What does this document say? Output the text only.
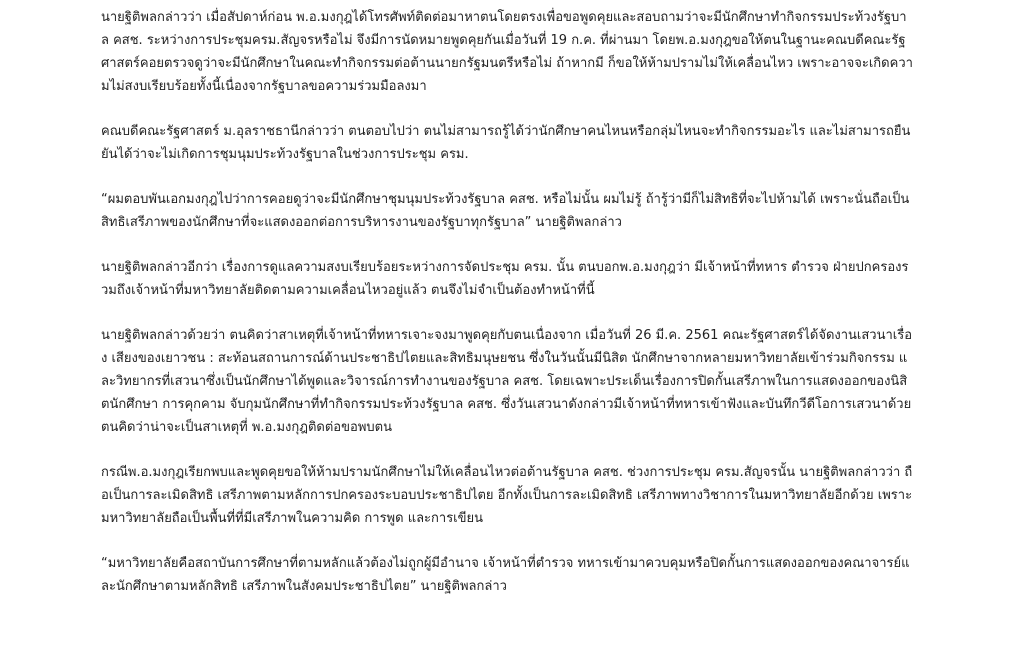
นายฐิติพลกล่าวว่า เมื่อสัปดาห์ก่อน พ.อ.มงกุฎได้โทรศัพท์ติดต่อมาหาตนโดยตรงเพื่อขอพูดคุยและสอบถามว่าจะมีนักศึกษาทำกิจกรรมประท้วงรัฐบาล คสช. ระหว่างการประชุมครม.สัญจรหรือไม่ จึงมีการนัดหมายพูดคุยกันเมื่อวันที่ 19 ก.ค. ที่ผ่านมา โดยพ.อ.มงกุฎขอให้ตนในฐานะคณบดีคณะรัฐศาสตร์คอยตรวจดูว่าจะมีนักศึกษาในคณะทำกิจกรรมต่อต้านนายกรัฐมนตรีหรือไม่ ถ้าหากมี ก็ขอให้ห้ามปรามไม่ให้เคลื่อนไหว เพราะอาจจะเกิดความไม่สงบเรียบร้อยทั้งนี้เนื่องจากรัฐบาลขอความร่วมมือลงมา

คณบดีคณะรัฐศาสตร์ ม.อุลราชธานีกล่าวว่า ตนตอบไปว่า ตนไม่สามารถรู้ได้ว่านักศึกษาคนไหนหรือกลุ่มไหนจะทำกิจกรรมอะไร และไม่สามารถยืนยันได้ว่าจะไม่เกิดการชุมนุมประท้วงรัฐบาลในช่วงการประชุม ครม.

“ผมตอบพันเอกมงกุฎไปว่าการคอยดูว่าจะมีนักศึกษาชุมนุมประท้วงรัฐบาล คสช. หรือไม่นั้น ผมไม่รู้ ถ้ารู้ว่ามีก็ไม่สิทธิที่จะไปห้ามได้ เพราะนั่นถือเป็นสิทธิเสรีภาพของนักศึกษาที่จะแสดงออกต่อการบริหารงานของรัฐบาทุกรัฐบาล” นายฐิติพลกล่าว

นายฐิติพลกล่าวอีกว่า เรื่องการดูแลความสงบเรียบร้อยระหว่างการจัดประชุม ครม. นั้น ตนบอกพ.อ.มงกุฎว่า มีเจ้าหน้าที่ทหาร ตำรวจ ฝ่ายปกครองรวมถึงเจ้าหน้าที่มหาวิทยาลัยติดตามความเคลื่อนไหวอยู่แล้ว ตนจึงไม่จำเป็นต้องทำหน้าที่นี้

นายฐิติพลกล่าวด้วยว่า ตนคิดว่าสาเหตุที่เจ้าหน้าที่ทหารเจาะจงมาพูดคุยกับตนเนื่องจาก เมื่อวันที่ 26 มี.ค. 2561 คณะรัฐศาสตร์ได้จัดงานเสวนาเรื่อง เสียงของเยาวชน : สะท้อนสถานการณ์ด้านประชาธิปไตยและสิทธิมนุษยชน ซึ่งในวันนั้นมีนิสิต นักศึกษาจากหลายมหาวิทยาลัยเข้าร่วมกิจกรรม และวิทยากรที่เสวนาซึ่งเป็นนักศึกษาได้พูดและวิจารณ์การทำงานของรัฐบาล คสช. โดยเฉพาะประเด็นเรื่องการปิดกั้นเสรีภาพในการแสดงออกของนิสิตนักศึกษา การคุกคาม จับกุมนักศึกษาที่ทำกิจกรรมประท้วงรัฐบาล คสช. ซึ่งวันเสวนาดังกล่าวมีเจ้าหน้าที่ทหารเข้าฟังและบันทึกวีดีโอการเสวนาด้วย ตนคิดว่าน่าจะเป็นสาเหตุที่ พ.อ.มงกุฎติดต่อขอพบตน

กรณีพ.อ.มงกุฎเรียกพบและพูดคุยขอให้ห้ามปรามนักศึกษาไม่ให้เคลื่อนไหวต่อต้านรัฐบาล คสช. ช่วงการประชุม ครม.สัญจรนั้น นายฐิติพลกล่าวว่า ถือเป็นการละเมิดสิทธิ เสรีภาพตามหลักการปกครองระบอบประชาธิปไตย อีกทั้งเป็นการละเมิดสิทธิ เสรีภาพทางวิชาการในมหาวิทยาลัยอีกด้วย เพราะมหาวิทยาลัยถือเป็นพื้นที่ที่มีเสรีภาพในความคิด การพูด และการเขียน

“มหาวิทยาลัยคือสถาบันการศึกษาที่ตามหลักแล้วต้องไม่ถูกผู้มีอำนาจ เจ้าหน้าที่ตำรวจ ทหารเข้ามาควบคุมหรือปิดกั้นการแสดงออกของคณาจารย์และนักศึกษาตามหลักสิทธิ เสรีภาพในสังคมประชาธิปไตย” นายฐิติพลกล่าว
